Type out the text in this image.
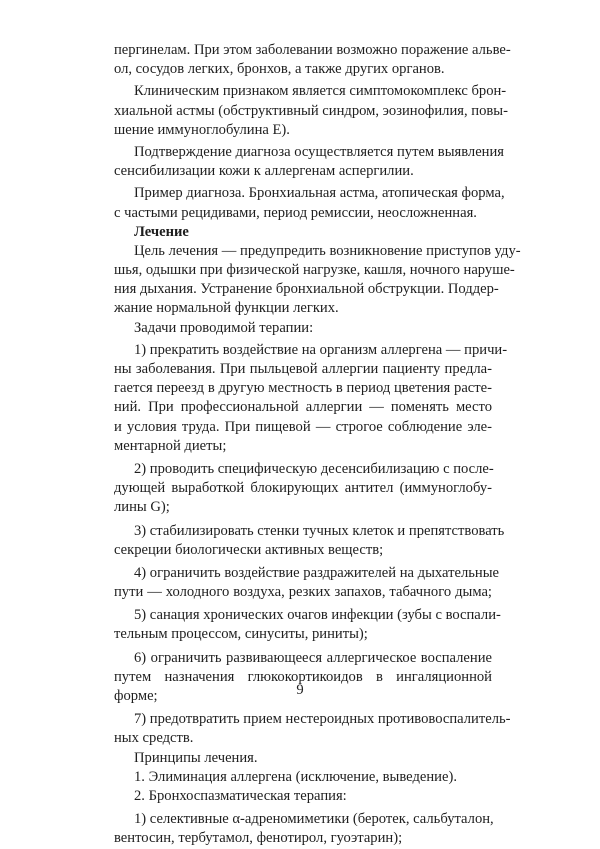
пергинелам. При этом заболевании возможно поражение альве-
ол, сосудов легких, бронхов, а также других органов.
Клиническим признаком является симптомокомплекс брон-
хиальной астмы (обструктивный синдром, эозинофилия, повы-
шение иммуноглобулина Е).
Подтверждение диагноза осуществляется путем выявления
сенсибилизации кожи к аллергенам аспергилии.
Пример диагноза. Бронхиальная астма, атопическая форма,
с частыми рецидивами, период ремиссии, неосложненная.
Лечение
Цель лечения — предупредить возникновение приступов уду-
шья, одышки при физической нагрузке, кашля, ночного наруше-
ния дыхания. Устранение бронхиальной обструкции. Поддер-
жание нормальной функции легких.
Задачи проводимой терапии:
1) прекратить воздействие на организм аллергена — причи-
ны заболевания. При пыльцевой аллергии пациенту предла-
гается переезд в другую местность в период цветения расте-
ний. При профессиональной аллергии — поменять место
и условия труда. При пищевой — строгое соблюдение эле-
ментарной диеты;
2) проводить специфическую десенсибилизацию с после-
дующей выработкой блокирующих антител (иммуноглобу-
лины G);
3) стабилизировать стенки тучных клеток и препятствовать
секреции биологически активных веществ;
4) ограничить воздействие раздражителей на дыхательные
пути — холодного воздуха, резких запахов, табачного дыма;
5) санация хронических очагов инфекции (зубы с воспали-
тельным процессом, синуситы, риниты);
6) ограничить развивающееся аллергическое воспаление
путем назначения глюкокортикоидов в ингаляционной
форме;
7) предотвратить прием нестероидных противовоспалитель-
ных средств.
Принципы лечения.
1. Элиминация аллергена (исключение, выведение).
2. Бронхоспазматическая терапия:
1) селективные α-адреномиметики (беротек, сальбуталон,
вентосин, тербутамол, фенотирол, гуоэтарин);
9
